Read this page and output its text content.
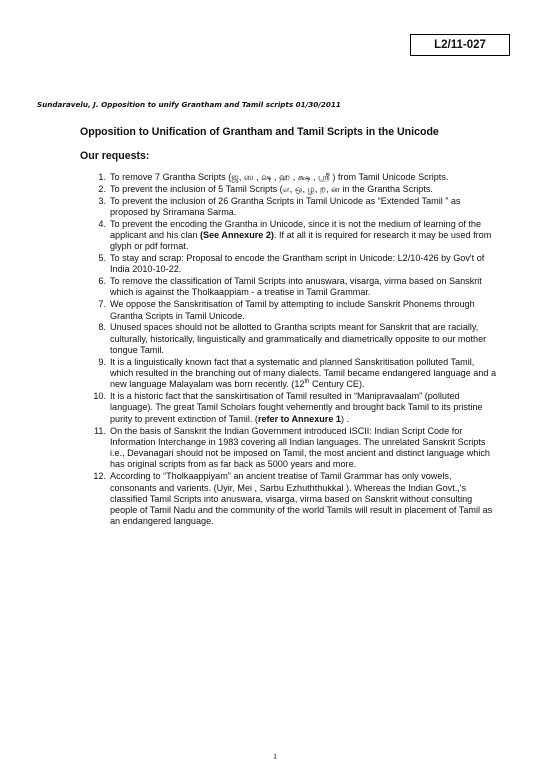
L2/11-027
Sundaravelu, J. Opposition to unify Grantham and Tamil scripts 01/30/2011
Opposition to Unification of Grantham and Tamil Scripts in the Unicode
Our requests:
1. To remove 7 Grantha Scripts (ஜ, ஸ , ஷ , ஹ , க்ஷ , ஸ்ரீ ) from Tamil Unicode Scripts.
2. To prevent the inclusion of 5 Tamil Scripts (எ, ஒ, ழ, ற, ன in the Grantha Scripts.
3. To prevent the inclusion of 26 Grantha Scripts in Tamil Unicode as “Extended Tamil ” as proposed by Sriramana Sarma.
4. To prevent the encoding the Grantha in Unicode, since it is not the medium of learning of the applicant and his clan (See Annexure 2). If at all it is required for research it may be used from glyph or pdf format.
5. To stay and scrap: Proposal to encode the Grantham script in Unicode: L2/10-426 by Gov't of India 2010-10-22.
6. To remove the classification of Tamil Scripts into anuswara, visarga, virma based on Sanskrit which is against the Tholkaappiam - a treatise in Tamil Grammar.
7. We oppose the Sanskritisation of Tamil by attempting to include Sanskrit Phonems through Grantha Scripts in Tamil Unicode.
8. Unused spaces should not be allotted to Grantha scripts meant for Sanskrit that are racially, culturally, historically, linguistically and grammatically and diametrically opposite to our mother tongue Tamil.
9. It is a linguistically known fact that a systematic and planned Sanskritisation polluted Tamil, which resulted in the branching out of many dialects. Tamil became endangered language and a new language Malayalam was born recently. (12th Century CE).
10. It is a historic fact that the sanskirtisation of Tamil resulted in “Manipravaalam” (polluted language). The great Tamil Scholars fought vehemently and brought back Tamil to its pristine purity to prevent extinction of Tamil. (refer to Annexure 1) .
11. On the basis of Sanskrit the Indian Government introduced ISCII: Indian Script Code for Information Interchange in 1983 covering all Indian languages. The unrelated Sanskrit Scripts i.e., Devanagari should not be imposed on Tamil, the most ancient and distinct language which has original scripts from as far back as 5000 years and more.
12. According to “Tholkaappiyam” an ancient treatise of Tamil Grammar has only vowels, consonants and varients. (Uyir, Mei , Sarbu Ezhuththukkal ). Whereas the Indian Govt.,'s classified Tamil Scripts into anuswara, visarga, virma based on Sanskrit without consulting people of Tamil Nadu and the community of the world Tamils will result in placement of Tamil as an endangered language.
1
